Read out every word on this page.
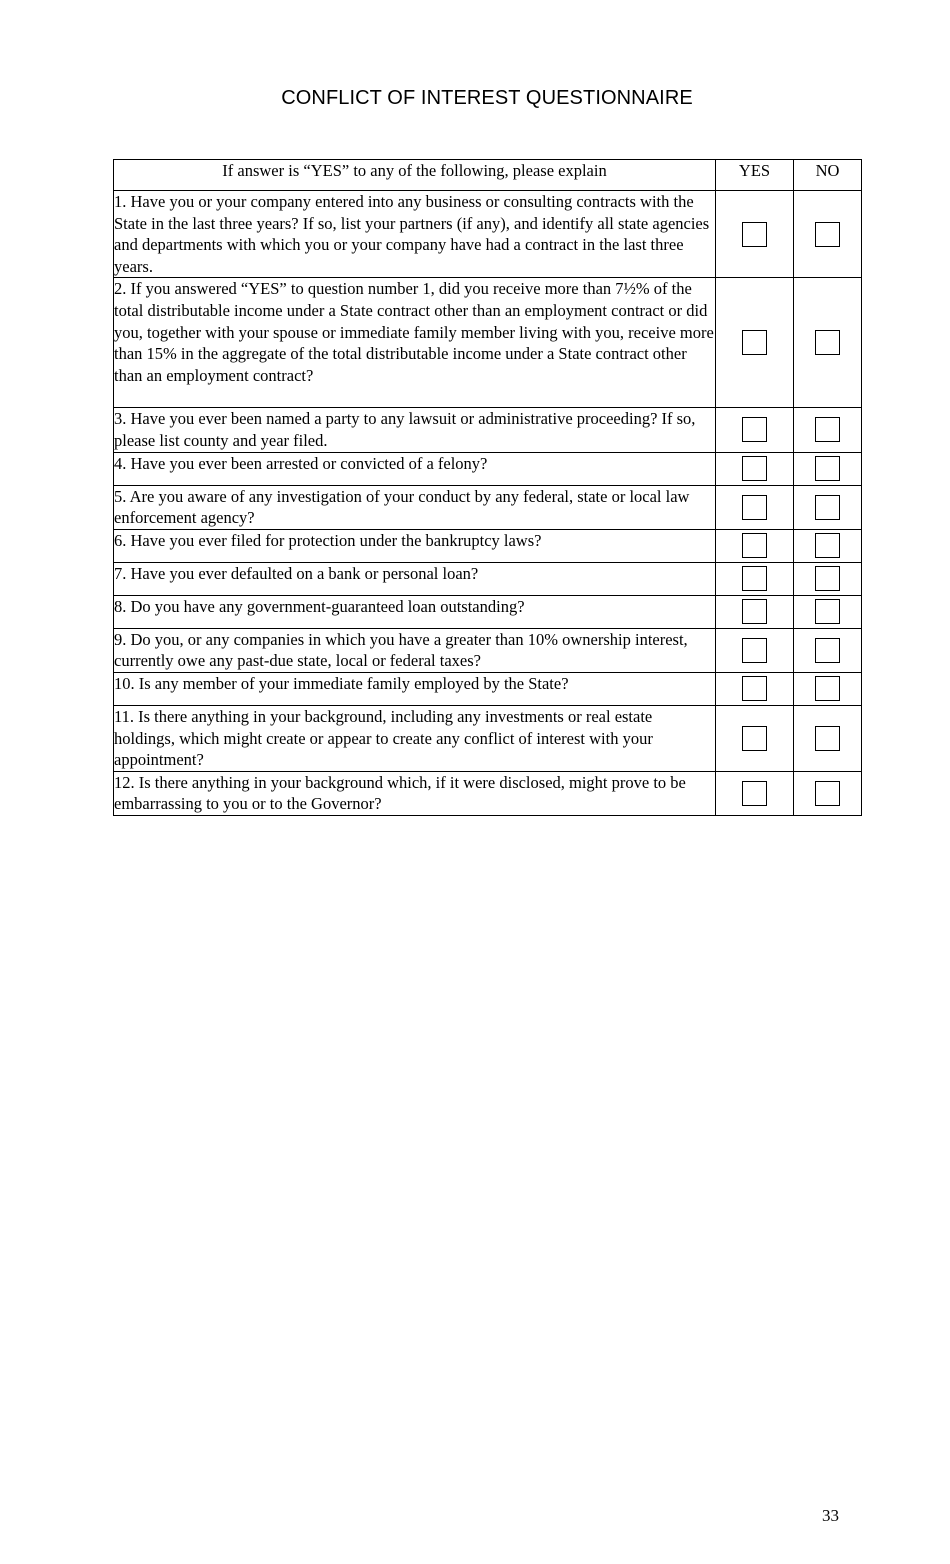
CONFLICT OF INTEREST QUESTIONNAIRE
If answer is “YES” to any of the following, please explain	YES	NO
1. Have you or your company entered into any business or consulting contracts with the State in the last three years? If so, list your partners (if any), and identify all state agencies and departments with which you or your company have had a contract in the last three years.		
2. If you answered “YES” to question number 1, did you receive more than 7½% of the total distributable income under a State contract other than an employment contract or did you, together with your spouse or immediate family member living with you, receive more than 15% in the aggregate of the total distributable income under a State contract other than an employment contract?		
3. Have you ever been named a party to any lawsuit or administrative proceeding? If so, please list county and year filed.		
4. Have you ever been arrested or convicted of a felony?		
5. Are you aware of any investigation of your conduct by any federal, state or local law enforcement agency?		
6. Have you ever filed for protection under the bankruptcy laws?		
7. Have you ever defaulted on a bank or personal loan?		
8. Do you have any government-guaranteed loan outstanding?		
9. Do you, or any companies in which you have a greater than 10% ownership interest, currently owe any past-due state, local or federal taxes?		
10. Is any member of your immediate family employed by the State?		
11. Is there anything in your background, including any investments or real estate holdings, which might create or appear to create any conflict of interest with your appointment?		
12. Is there anything in your background which, if it were disclosed, might prove to be embarrassing to you or to the Governor?		
33
